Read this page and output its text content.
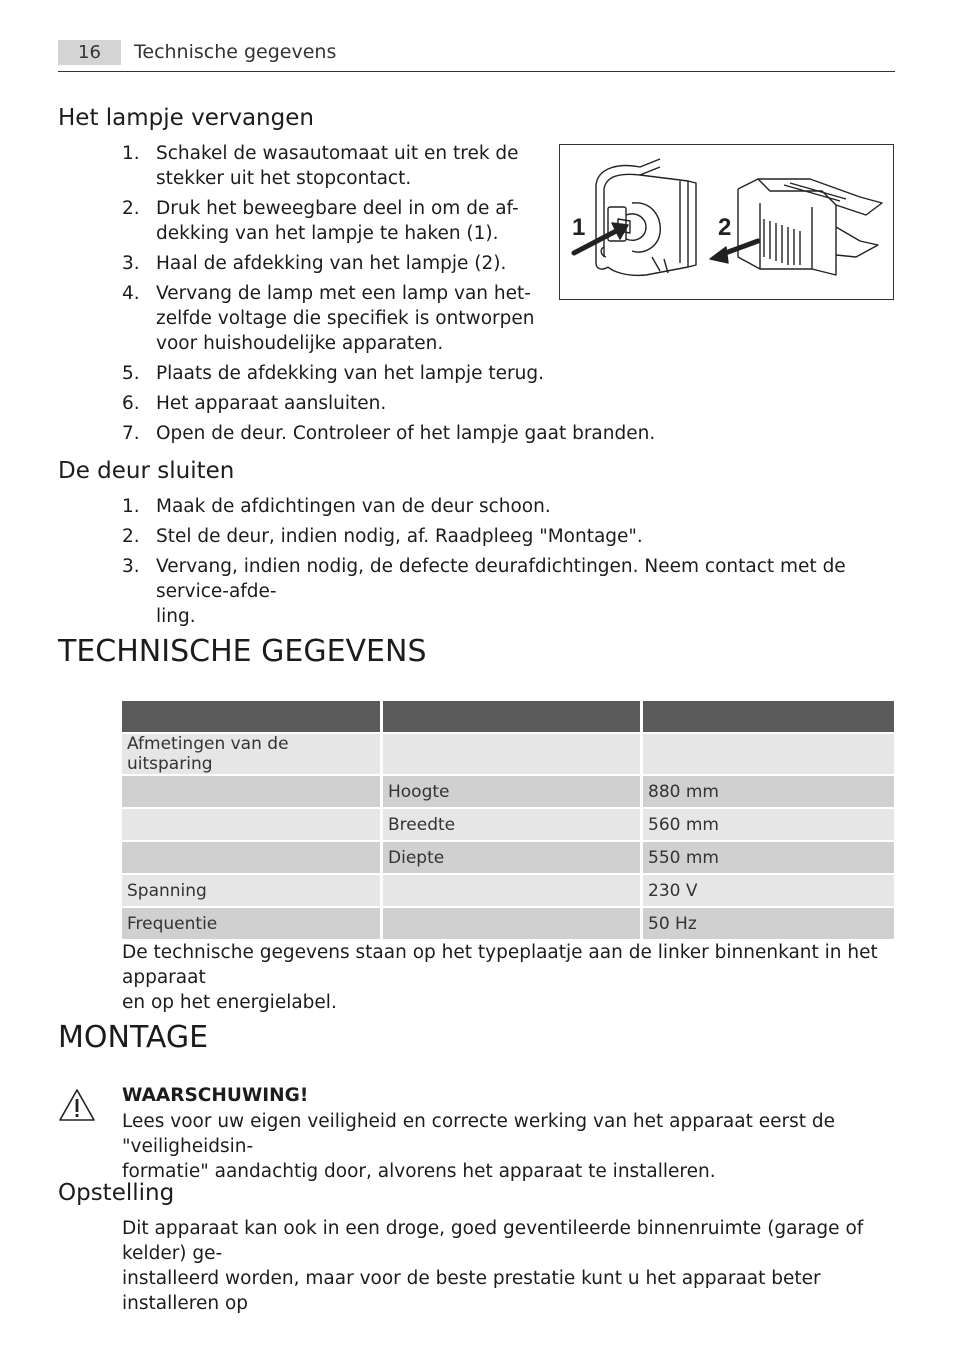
16	Technische gegevens
Het lampje vervangen
1. Schakel de wasautomaat uit en trek de
stekker uit het stopcontact.
2. Druk het beweegbare deel in om de af-
dekking van het lampje te haken (1).
3. Haal de afdekking van het lampje (2).
4. Vervang de lamp met een lamp van het-
zelfde voltage die specifiek is ontworpen
voor huishoudelijke apparaten.
5. Plaats de afdekking van het lampje terug.
6. Het apparaat aansluiten.
7. Open de deur. Controleer of het lampje gaat branden.
1	2
De deur sluiten
1. Maak de afdichtingen van de deur schoon.
2. Stel de deur, indien nodig, af. Raadpleeg "Montage".
3. Vervang, indien nodig, de defecte deurafdichtingen. Neem contact met de service-afde-
ling.
TECHNISCHE GEGEVENS

Afmetingen van de uitsparing		
	Hoogte	880 mm
	Breedte	560 mm
	Diepte	550 mm
Spanning		230 V
Frequentie		50 Hz
De technische gegevens staan op het typeplaatje aan de linker binnenkant in het apparaat
en op het energielabel.
MONTAGE
WAARSCHUWING!
Lees voor uw eigen veiligheid en correcte werking van het apparaat eerst de "veiligheidsin-
formatie" aandachtig door, alvorens het apparaat te installeren.
Opstelling
Dit apparaat kan ook in een droge, goed geventileerde binnenruimte (garage of kelder) ge-
installeerd worden, maar voor de beste prestatie kunt u het apparaat beter installeren op
